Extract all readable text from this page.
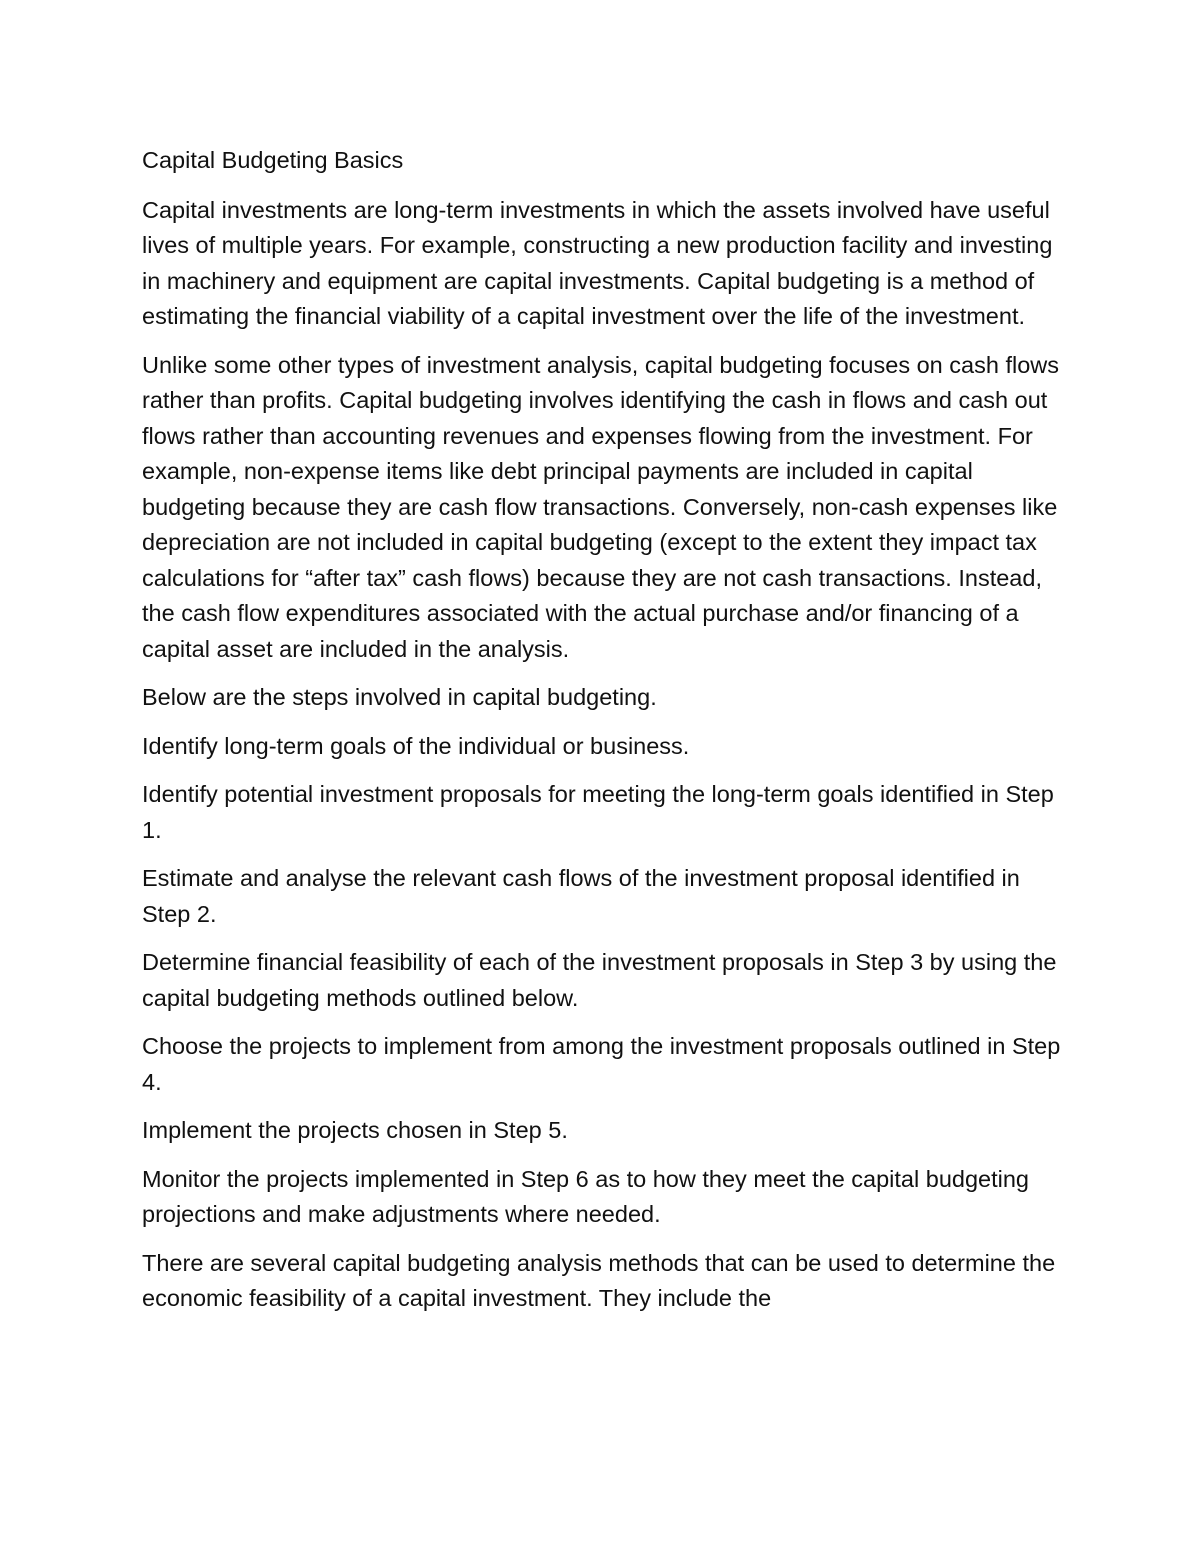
Capital Budgeting Basics

Capital investments are long-term investments in which the assets involved have useful lives of multiple years. For example, constructing a new production facility and investing in machinery and equipment are capital investments. Capital budgeting is a method of estimating the financial viability of a capital investment over the life of the investment.

Unlike some other types of investment analysis, capital budgeting focuses on cash flows rather than profits. Capital budgeting involves identifying the cash in flows and cash out flows rather than accounting revenues and expenses flowing from the investment. For example, non-expense items like debt principal payments are included in capital budgeting because they are cash flow transactions. Conversely, non-cash expenses like depreciation are not included in capital budgeting (except to the extent they impact tax calculations for “after tax” cash flows) because they are not cash transactions. Instead, the cash flow expenditures associated with the actual purchase and/or financing of a capital asset are included in the analysis.

Below are the steps involved in capital budgeting.

Identify long-term goals of the individual or business.

Identify potential investment proposals for meeting the long-term goals identified in Step 1.

Estimate and analyse the relevant cash flows of the investment proposal identified in Step 2.

Determine financial feasibility of each of the investment proposals in Step 3 by using the capital budgeting methods outlined below.

Choose the projects to implement from among the investment proposals outlined in Step 4.

Implement the projects chosen in Step 5.

Monitor the projects implemented in Step 6 as to how they meet the capital budgeting projections and make adjustments where needed.

There are several capital budgeting analysis methods that can be used to determine the economic feasibility of a capital investment. They include the
